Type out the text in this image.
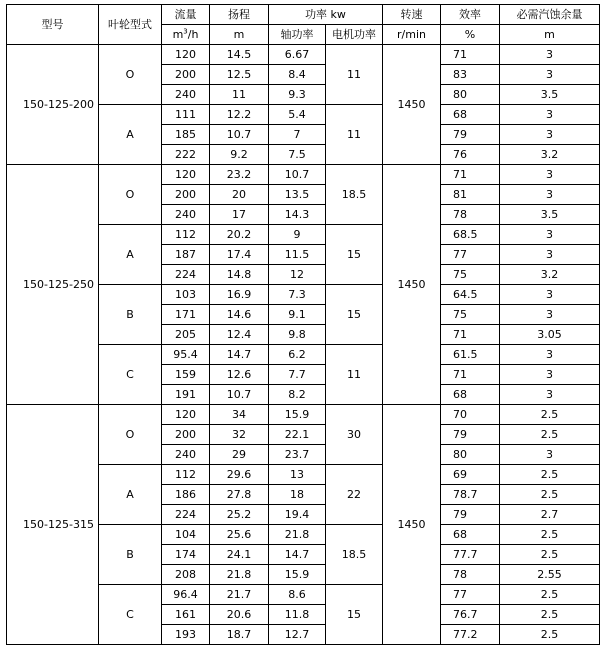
型号	叶轮型式	流量	扬程	功率 kw		转速	效率	必需汽蚀余量
		$m^3/h$	m	轴功率	电机功率	r/min	%	m
150-125-200	O	120	14.5	6.67	11	1450	71	3
		200	12.5	8.4			83	3
		240	11	9.3			80	3.5
	A	111	12.2	5.4	11		68	3
		185	10.7	7			79	3
		222	9.2	7.5			76	3.2
150-125-250	O	120	23.2	10.7	18.5	1450	71	3
		200	20	13.5			81	3
		240	17	14.3			78	3.5
	A	112	20.2	9	15		68.5	3
		187	17.4	11.5			77	3
		224	14.8	12			75	3.2
	B	103	16.9	7.3	15		64.5	3
		171	14.6	9.1			75	3
		205	12.4	9.8			71	3.05
	C	95.4	14.7	6.2	11		61.5	3
		159	12.6	7.7			71	3
		191	10.7	8.2			68	3
150-125-315	O	120	34	15.9	30	1450	70	2.5
		200	32	22.1			79	2.5
		240	29	23.7			80	3
	A	112	29.6	13	22		69	2.5
		186	27.8	18			78.7	2.5
		224	25.2	19.4			79	2.7
	B	104	25.6	21.8	18.5		68	2.5
		174	24.1	14.7			77.7	2.5
		208	21.8	15.9			78	2.55
	C	96.4	21.7	8.6	15		77	2.5
		161	20.6	11.8			76.7	2.5
		193	18.7	12.7			77.2	2.5
